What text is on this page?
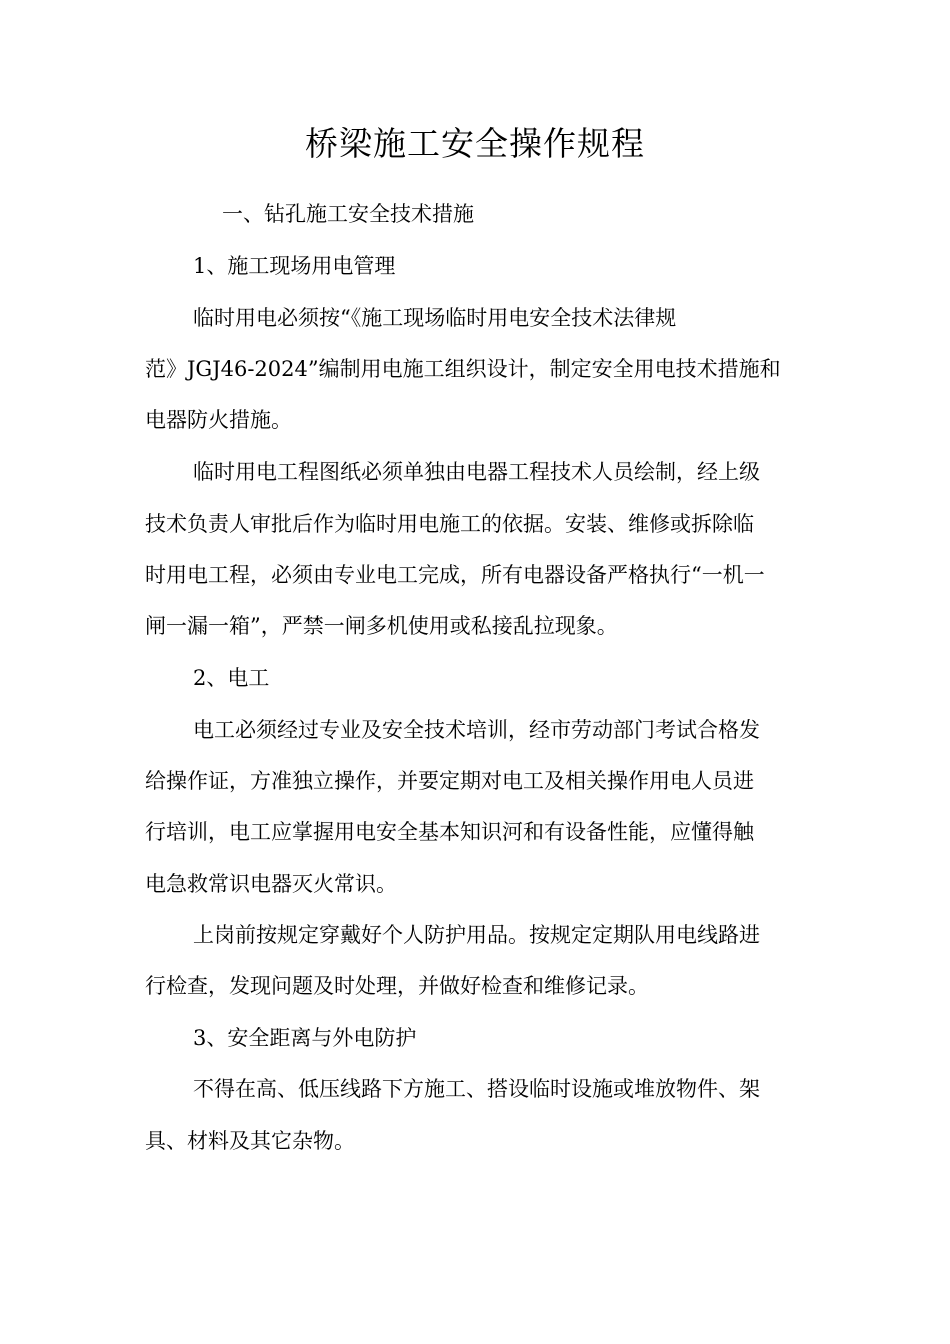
桥梁施工安全操作规程

一、钻孔施工安全技术措施

1、施工现场用电管理

临时用电必须按“《施工现场临时用电安全技术法律规

范》JGJ46-2024”编制用电施工组织设计，制定安全用电技术措施和

电器防火措施。

临时用电工程图纸必须单独由电器工程技术人员绘制，经上级

技术负责人审批后作为临时用电施工的依据。安装、维修或拆除临

时用电工程，必须由专业电工完成，所有电器设备严格执行“一机一

闸一漏一箱”，严禁一闸多机使用或私接乱拉现象。

2、电工

电工必须经过专业及安全技术培训，经市劳动部门考试合格发

给操作证，方准独立操作，并要定期对电工及相关操作用电人员进

行培训，电工应掌握用电安全基本知识河和有设备性能，应懂得触

电急救常识电器灭火常识。

上岗前按规定穿戴好个人防护用品。按规定定期队用电线路进

行检查，发现问题及时处理，并做好检查和维修记录。

3、安全距离与外电防护

不得在高、低压线路下方施工、搭设临时设施或堆放物件、架

具、材料及其它杂物。
